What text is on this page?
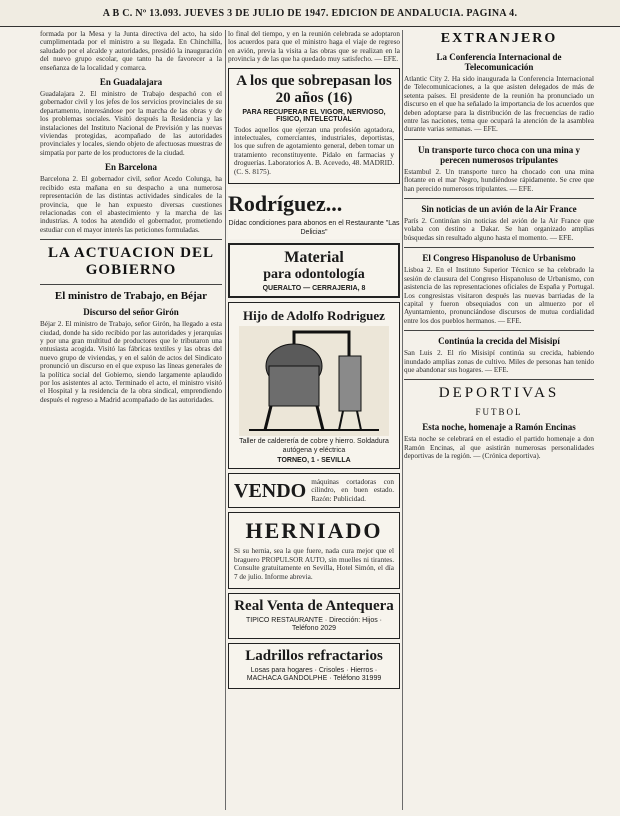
A B C. Nº 13.093. JUEVES 3 DE JULIO DE 1947. EDICION DE ANDALUCIA. PAGINA 4.

formada por la Mesa y la Junta directiva del acto, ha sido cumplimentada por el ministro a su llegada. En Chinchilla, saludado por el alcalde y autoridades, presidió la inauguración del nuevo grupo escolar, que tanto ha de favorecer a la enseñanza de la localidad y comarca.

En Guadalajara

Guadalajara 2. El ministro de Trabajo despachó con el gobernador civil y los jefes de los servicios provinciales de su departamento, interesándose por la marcha de las obras y de los problemas sociales. Visitó después la Residencia y las instalaciones del Instituto Nacional de Previsión y las nuevas viviendas protegidas, acompañado de las autoridades provinciales y locales, siendo objeto de afectuosas muestras de simpatía por parte de los productores de la ciudad.

En Barcelona

Barcelona 2. El gobernador civil, señor Acedo Colunga, ha recibido esta mañana en su despacho a una numerosa representación de las distintas actividades sindicales de la provincia, que le han expuesto diversas cuestiones relacionadas con el abastecimiento y la marcha de las industrias. A todos ha atendido el gobernador, prometiendo estudiar con el mayor interés las peticiones formuladas.

LA ACTUACION DEL GOBIERNO
El ministro de Trabajo, en Béjar
Discurso del señor Girón

Béjar 2. El ministro de Trabajo, señor Girón, ha llegado a esta ciudad, donde ha sido recibido por las autoridades y jerarquías y por una gran multitud de productores que le tributaron una entusiasta acogida. Visitó las fábricas textiles y las obras del nuevo grupo de viviendas, y en el salón de actos del Sindicato pronunció un discurso en el que expuso las líneas generales de la política social del Gobierno, siendo largamente aplaudido por los asistentes al acto. Terminado el acto, el ministro visitó el Hospital y la residencia de la obra sindical, emprendiendo después el regreso a Madrid acompañado de las autoridades.

lo final del tiempo, y en la reunión celebrada se adoptaron los acuerdos para que el ministro haga el viaje de regreso en avión, previa la visita a las obras que se realizan en la provincia y de las que ha quedado muy satisfecho. — EFE.

A los que sobrepasan los 20 años (16)

PARA RECUPERAR EL VIGOR, NERVIOSO, FISICO, INTELECTUAL

Todos aquellos que ejerzan una profesión agotadora, intelectuales, comerciantes, industriales, deportistas, los que sufren de agotamiento general, deben tomar un tratamiento reconstituyente. Pídalo en farmacias y droguerías. Laboratorios A. B. Acevedo, 48. MADRID. (C. S. 8175).

Rodríguez...

Dídac condiciones para abonos en el Restaurante "Las Delicias"

Material

para odontología

QUERALTO — CERRAJERIA, 8

Hijo de Adolfo Rodriguez

Taller de calderería de cobre y hierro. Soldadura autógena y eléctrica

TORNEO, 1 - SEVILLA

VENDO máquinas cortadoras con cilindro, en buen estado. Razón: Publicidad.

HERNIADO

Si su hernia, sea la que fuere, nada cura mejor que el braguero PROPULSOR AUTO, sin muelles ni tirantes. Consulte gratuitamente en Sevilla, Hotel Simón, el día 7 de julio. Informe abrevia.

Real Venta de Antequera

TIPICO RESTAURANTE · Dirección: Hijos · Teléfono 2029

Ladrillos refractarios

Losas para hogares · Crisoles · Hierros · MACHACA GANDOLPHE · Teléfono 31999

EXTRANJERO
La Conferencia Internacional de Telecomunicación

Atlantic City 2. Ha sido inaugurada la Conferencia Internacional de Telecomunicaciones, a la que asisten delegados de más de setenta países. El presidente de la reunión ha pronunciado un discurso en el que ha señalado la importancia de los acuerdos que deben adoptarse para la distribución de las frecuencias de radio entre las naciones, tema que ocupará la atención de la asamblea durante varias semanas. — EFE.

Un transporte turco choca con una mina y perecen numerosos tripulantes

Estambul 2. Un transporte turco ha chocado con una mina flotante en el mar Negro, hundiéndose rápidamente. Se cree que han perecido numerosos tripulantes. — EFE.

Sin noticias de un avión de la Air France

París 2. Continúan sin noticias del avión de la Air France que volaba con destino a Dakar. Se han organizado amplias búsquedas sin resultado alguno hasta el momento. — EFE.

El Congreso Hispanoluso de Urbanismo

Lisboa 2. En el Instituto Superior Técnico se ha celebrado la sesión de clausura del Congreso Hispanoluso de Urbanismo, con asistencia de las representaciones oficiales de España y Portugal. Los congresistas visitaron después las nuevas barriadas de la capital y fueron obsequiados con un almuerzo por el Ayuntamiento, pronunciándose discursos de mutua cordialidad entre los dos pueblos hermanos. — EFE.

Continúa la crecida del Misisipí

San Luis 2. El río Misisipí continúa su crecida, habiendo inundado amplias zonas de cultivo. Miles de personas han tenido que abandonar sus hogares. — EFE.

DEPORTIVAS
FUTBOL
Esta noche, homenaje a Ramón Encinas

Esta noche se celebrará en el estadio el partido homenaje a don Ramón Encinas, al que asistirán numerosas personalidades deportivas de la región. — (Crónica deportiva).
